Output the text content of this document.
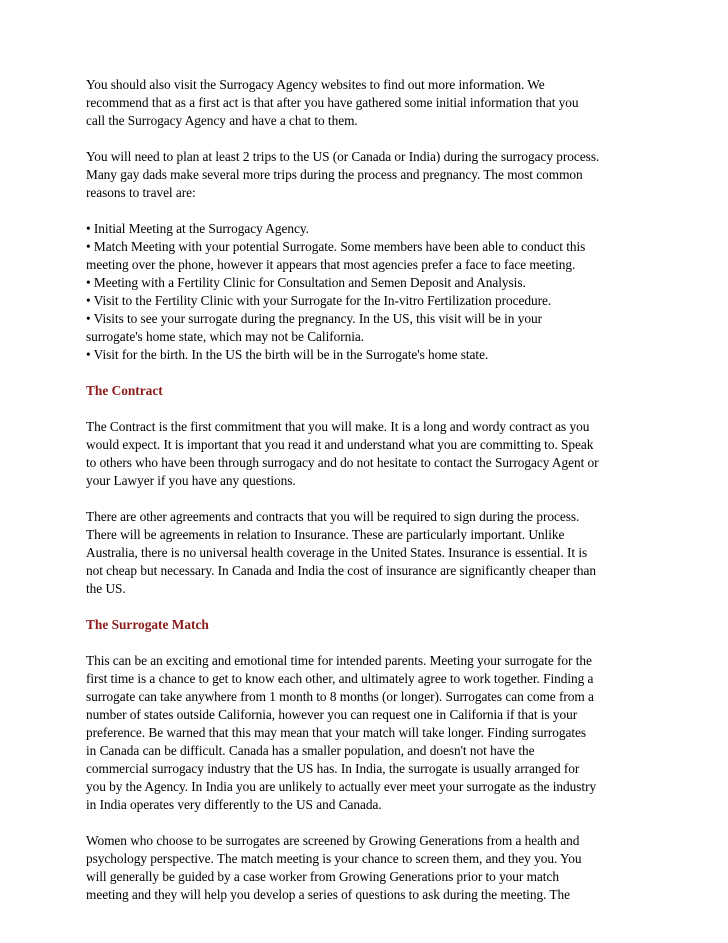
You should also visit the Surrogacy Agency websites to find out more information. We
recommend that as a first act is that after you have gathered some initial information that you
call the Surrogacy Agency and have a chat to them.
You will need to plan at least 2 trips to the US (or Canada or India) during the surrogacy process.
Many gay dads make several more trips during the process and pregnancy. The most common
reasons to travel are:
• Initial Meeting at the Surrogacy Agency.
• Match Meeting with your potential Surrogate. Some members have been able to conduct this
meeting over the phone, however it appears that most agencies prefer a face to face meeting.
• Meeting with a Fertility Clinic for Consultation and Semen Deposit and Analysis.
• Visit to the Fertility Clinic with your Surrogate for the In-vitro Fertilization procedure.
• Visits to see your surrogate during the pregnancy. In the US, this visit will be in your
surrogate's home state, which may not be California.
• Visit for the birth. In the US the birth will be in the Surrogate's home state.
The Contract
The Contract is the first commitment that you will make. It is a long and wordy contract as you
would expect. It is important that you read it and understand what you are committing to. Speak
to others who have been through surrogacy and do not hesitate to contact the Surrogacy Agent or
your Lawyer if you have any questions.
There are other agreements and contracts that you will be required to sign during the process.
There will be agreements in relation to Insurance. These are particularly important. Unlike
Australia, there is no universal health coverage in the United States. Insurance is essential. It is
not cheap but necessary. In Canada and India the cost of insurance are significantly cheaper than
the US.
The Surrogate Match
This can be an exciting and emotional time for intended parents. Meeting your surrogate for the
first time is a chance to get to know each other, and ultimately agree to work together. Finding a
surrogate can take anywhere from 1 month to 8 months (or longer). Surrogates can come from a
number of states outside California, however you can request one in California if that is your
preference. Be warned that this may mean that your match will take longer. Finding surrogates
in Canada can be difficult. Canada has a smaller population, and doesn't not have the
commercial surrogacy industry that the US has. In India, the surrogate is usually arranged for
you by the Agency. In India you are unlikely to actually ever meet your surrogate as the industry
in India operates very differently to the US and Canada.
Women who choose to be surrogates are screened by Growing Generations from a health and
psychology perspective. The match meeting is your chance to screen them, and they you. You
will generally be guided by a case worker from Growing Generations prior to your match
meeting and they will help you develop a series of questions to ask during the meeting. The
